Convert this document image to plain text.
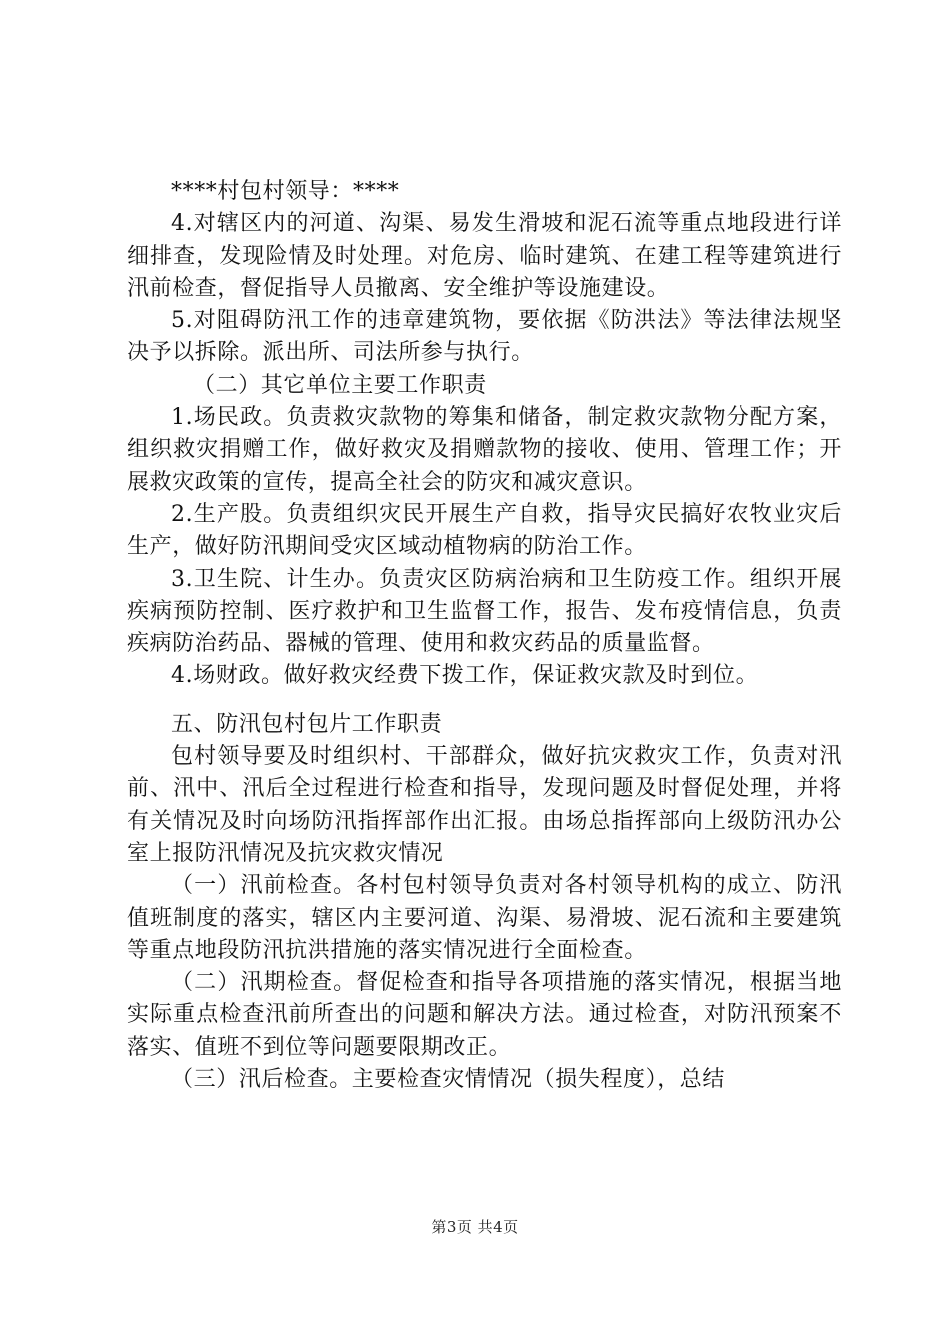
****村包村领导：****

4.对辖区内的河道、沟渠、易发生滑坡和泥石流等重点地段进行详细排查，发现险情及时处理。对危房、临时建筑、在建工程等建筑进行汛前检查，督促指导人员撤离、安全维护等设施建设。

5.对阻碍防汛工作的违章建筑物，要依据《防洪法》等法律法规坚决予以拆除。派出所、司法所参与执行。

（二）其它单位主要工作职责

1.场民政。负责救灾款物的筹集和储备，制定救灾款物分配方案，组织救灾捐赠工作，做好救灾及捐赠款物的接收、使用、管理工作；开展救灾政策的宣传，提高全社会的防灾和减灾意识。

2.生产股。负责组织灾民开展生产自救，指导灾民搞好农牧业灾后生产，做好防汛期间受灾区域动植物病的防治工作。

3.卫生院、计生办。负责灾区防病治病和卫生防疫工作。组织开展疾病预防控制、医疗救护和卫生监督工作，报告、发布疫情信息，负责疾病防治药品、器械的管理、使用和救灾药品的质量监督。

4.场财政。做好救灾经费下拨工作，保证救灾款及时到位。

五、防汛包村包片工作职责

包村领导要及时组织村、干部群众，做好抗灾救灾工作，负责对汛前、汛中、汛后全过程进行检查和指导，发现问题及时督促处理，并将有关情况及时向场防汛指挥部作出汇报。由场总指挥部向上级防汛办公室上报防汛情况及抗灾救灾情况

（一）汛前检查。各村包村领导负责对各村领导机构的成立、防汛值班制度的落实，辖区内主要河道、沟渠、易滑坡、泥石流和主要建筑等重点地段防汛抗洪措施的落实情况进行全面检查。

（二）汛期检查。督促检查和指导各项措施的落实情况，根据当地实际重点检查汛前所查出的问题和解决方法。通过检查，对防汛预案不落实、值班不到位等问题要限期改正。

（三）汛后检查。主要检查灾情情况（损失程度），总结

第3页 共4页
